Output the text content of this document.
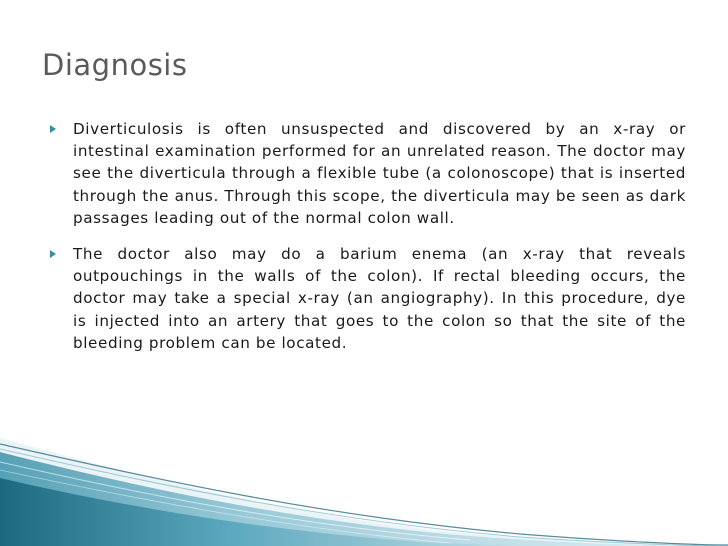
Diagnosis
Diverticulosis is often unsuspected and discovered by an x-ray or intestinal examination performed for an unrelated reason. The doctor may see the diverticula through a flexible tube (a colonoscope) that is inserted through the anus. Through this scope, the diverticula may be seen as dark passages leading out of the normal colon wall.
The doctor also may do a barium enema (an x-ray that reveals outpouchings in the walls of the colon). If rectal bleeding occurs, the doctor may take a special x-ray (an angiography). In this procedure, dye is injected into an artery that goes to the colon so that the site of the bleeding problem can be located.
